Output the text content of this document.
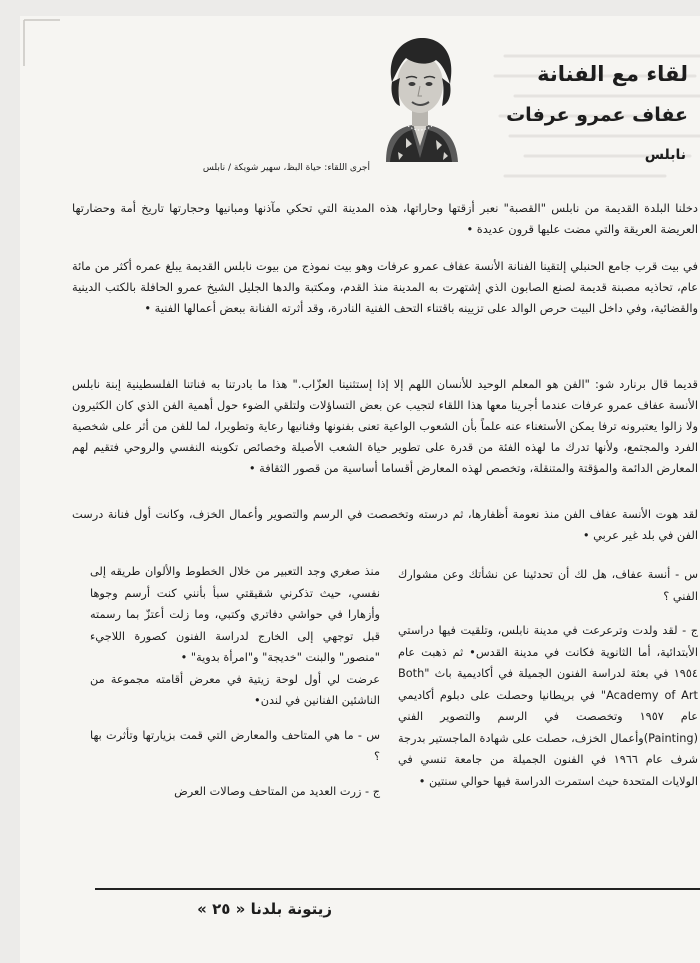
لقاء مع الفنانة
عفاف عمرو عرفات

نابلس

أجرى اللقاء: حياة البظ، سهير شويكة / نابلس

دخلنا البلدة القديمة من نابلس "القصبة" نعبر أزقتها وحاراتها، هذه المدينة التي تحكي مآذنها ومبانيها وحجارتها تاريخ أمة وحضارتها العريضة العريقة والتي مضت عليها قرون عديدة •

في بيت قرب جامع الحنبلي إلتقينا الفنانة الأنسة عفاف عمرو عرفات وهو بيت نموذج من بيوت نابلس القديمة يبلغ عمره أكثر من مائة عام، تحاذيه مصبنة قديمة لصنع الصابون الذي إشتهرت به المدينة منذ القدم، ومكتبة والدها الجليل الشيخ عمرو الحافلة بالكتب الدينية والقضائية، وفي داخل البيت حرص الوالد على تزيينه باقتناء التحف الفنية النادرة، وقد أثرته الفنانة ببعض أعمالها الفنية •

قديما قال برنارد شو: "الفن هو المعلم الوحيد للأنسان اللهم إلا إذا إستثنينا العزّاب." هذا ما بادرتنا به فناتنا الفلسطينية إبنة نابلس الأنسة عفاف عمرو عرفات عندما أجرينا معها هذا اللقاء لتجيب عن بعض التساؤلات ولتلقي الضوء حول أهمية الفن الذي كان الكثيرون ولا زالوا يعتبرونه ترفا يمكن الأستغناء عنه علماً بأن الشعوب الواعية تعنى بفنونها وفنانيها رعاية وتطويرا، لما للفن من أثر على شخصية الفرد والمجتمع، ولأنها تدرك ما لهذه الفئة من قدرة على تطوير حياة الشعب الأصيلة وخصائص تكوينه النفسي والروحي فتقيم لهم المعارض الدائمة والمؤقتة والمتنقلة، وتخصص لهذه المعارض أقساما أساسية من قصور الثقافة •

لقد هوت الأنسة عفاف الفن منذ نعومة أظفارها، ثم درسته وتخصصت في الرسم والتصوير وأعمال الخزف، وكانت أول فنانة درست الفن في بلد غير عربي •

س - أنسة عفاف، هل لك أن تحدثينا عن نشأتك وعن مشوارك الفني ؟

ج - لقد ولدت وترعرعت في مدينة نابلس، وتلقيت فيها دراستي الأبتدائية، أما الثانوية فكانت في مدينة القدس• ثم ذهبت عام ١٩٥٤ في بعثة لدراسة الفنون الجميلة في أكاديمية باث "Both Academy of Art" في بريطانيا وحصلت على دبلوم أكاديمي عام ١٩٥٧ وتخصصت في الرسم والتصوير الفني (Painting)وأعمال الخزف، حصلت على شهادة الماجستير بدرجة شرف عام ١٩٦٦ في الفنون الجميلة من جامعة تنسي في الولايات المتحدة حيث استمرت الدراسة فيها حوالي سنتين •

منذ صغري وجد التعبير من خلال الخطوط والألوان طريقه إلى نفسي، حيث تذكرني شقيقتي سبأ بأنني كنت أرسم وجوها وأزهارا في حواشي دفاتري وكتبي، وما زلت أعتزّ بما رسمته قبل توجهي إلى الخارج لدراسة الفنون كصورة اللاجيء "منصور" والبنت "خديجة" و"امرأة بدوية" •

عرضت لي أول لوحة زيتية في معرض أقامته مجموعة من الناشئين الفنانين في لندن•

س - ما هي المتاحف والمعارض التي قمت بزيارتها وتأثرت بها ؟

ج - زرت العديد من المتاحف وصالات العرض

زيتونة بلدنا « ٢٥ »
